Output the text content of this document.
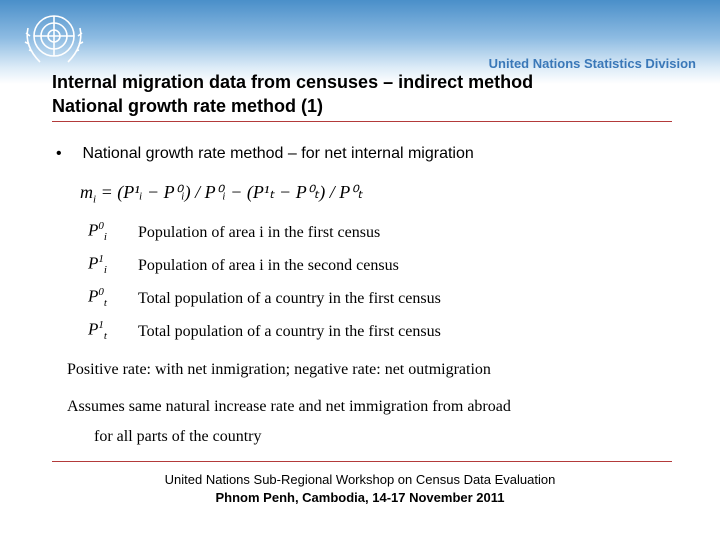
United Nations Statistics Division
Internal migration data from censuses – indirect method
National growth rate method (1)
• National growth rate method – for net internal migration
$m_i$ = (P¹ᵢ − P⁰ᵢ) / P⁰ᵢ − (P¹ₜ − P⁰ₜ) / P⁰ₜ
$P^0_i$ Population of area i in the first census
$P^1_i$ Population of area i in the second census
$P^0_t$ Total population of a country in the first census
$P^1_t$ Total population of a country in the first census
Positive rate: with net inmigration; negative rate: net outmigration
Assumes same natural increase rate and net immigration from abroad
for all parts of the country
United Nations Sub-Regional Workshop on Census Data Evaluation
Phnom Penh, Cambodia, 14-17 November 2011
